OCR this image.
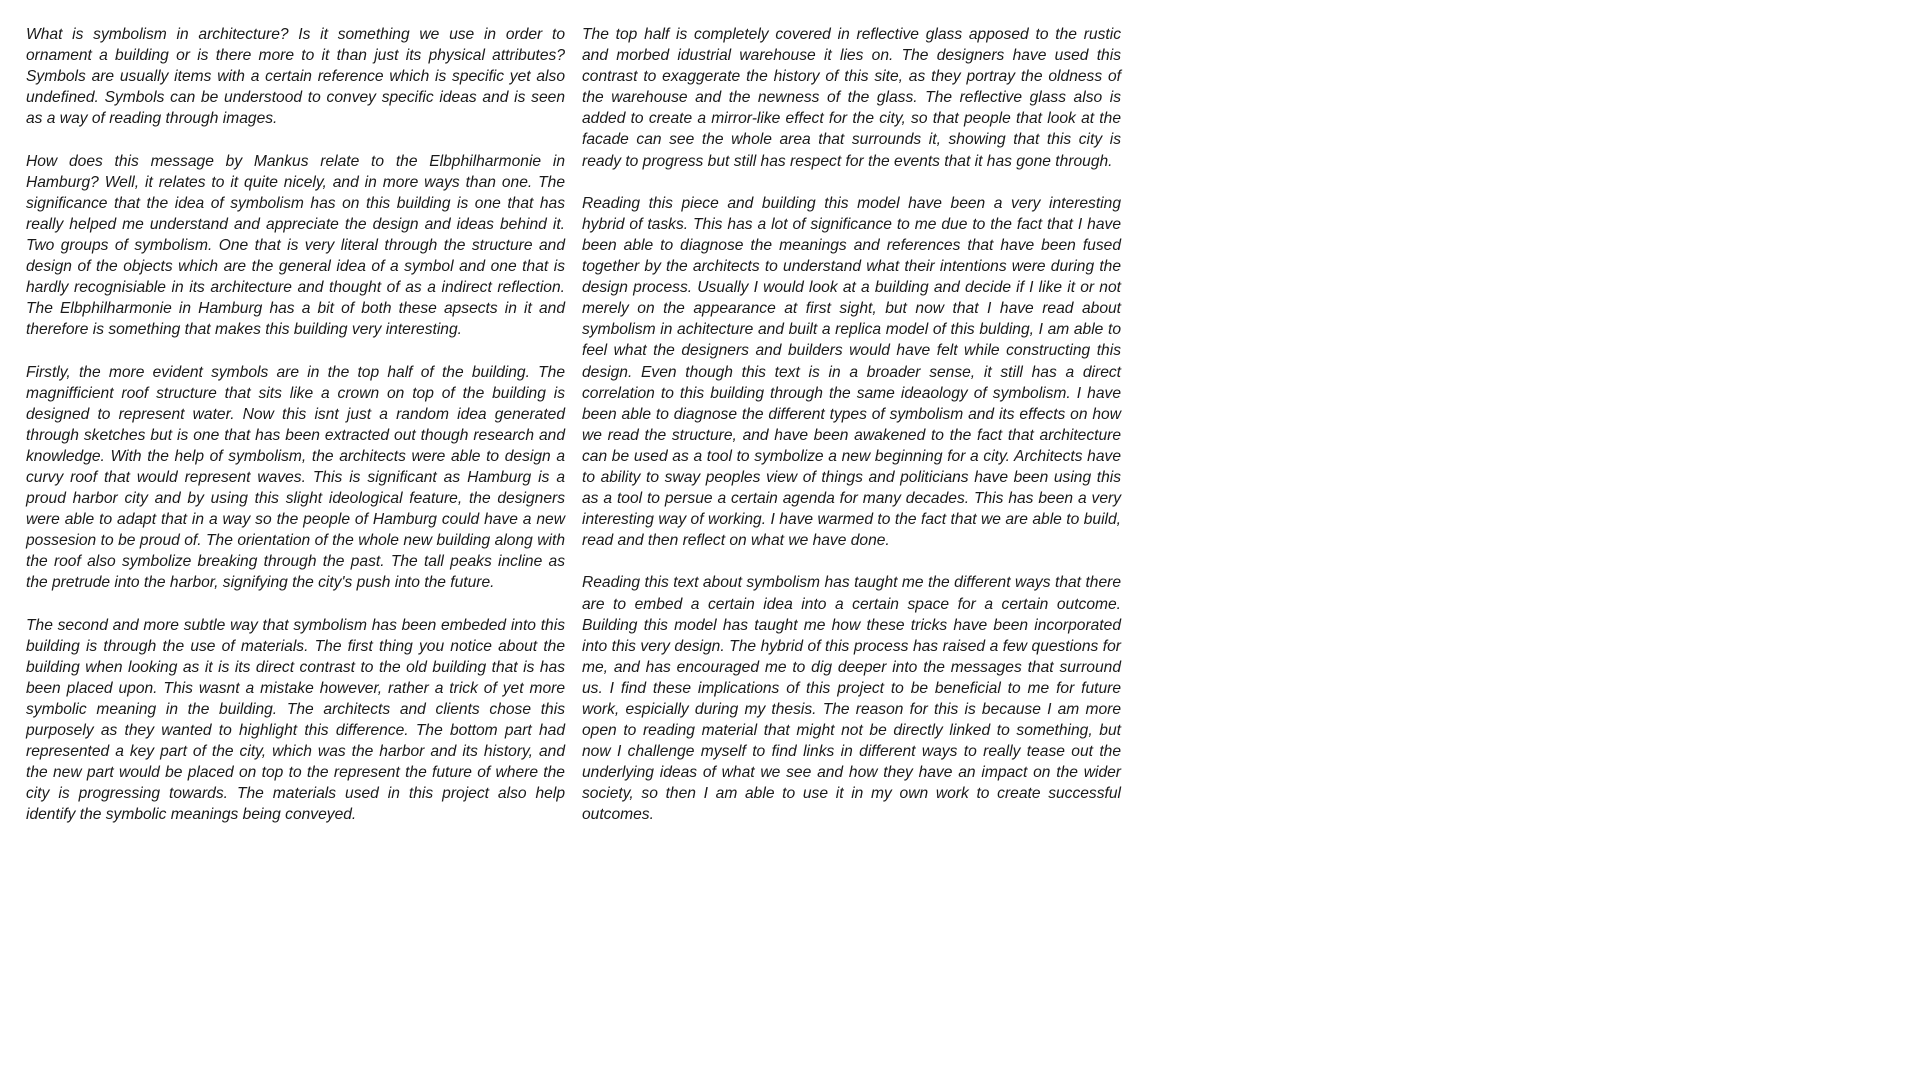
What is symbolism in architecture? Is it something we use in order to ornament a building or is there more to it than just its physical attributes? Symbols are usually items with a certain reference which is specific yet also undefined. Symbols can be understood to convey specific ideas and is seen as a way of reading through images.

How does this message by Mankus relate to the Elbphilharmonie in Hamburg? Well, it relates to it quite nicely, and in more ways than one. The significance that the idea of symbolism has on this building is one that has really helped me understand and appreciate the design and ideas behind it. Two groups of symbolism. One that is very literal through the structure and design of the objects which are the general idea of a symbol and one that is hardly recognisiable in its architecture and thought of as a indirect reflection. The Elbphilharmonie in Hamburg has a bit of both these apsects in it and therefore is something that makes this building very interesting.

Firstly, the more evident symbols are in the top half of the building. The magnifficient roof structure that sits like a crown on top of the building is designed to represent water. Now this isnt just a random idea generated through sketches but is one that has been extracted out though research and knowledge. With the help of symbolism, the architects were able to design a curvy roof that would represent waves. This is significant as Hamburg is a proud harbor city and by using this slight ideological feature, the designers were able to adapt that in a way so the people of Hamburg could have a new possesion to be proud of. The orientation of the whole new building along with the roof also symbolize breaking through the past. The tall peaks incline as the pretrude into the harbor, signifying the city's push into the future.

The second and more subtle way that symbolism has been embeded into this building is through the use of materials. The first thing you notice about the building when looking as it is its direct contrast to the old building that is has been placed upon. This wasnt a mistake however, rather a trick of yet more symbolic meaning in the building. The architects and clients chose this purposely as they wanted to highlight this difference. The bottom part had represented a key part of the city, which was the harbor and its history, and the new part would be placed on top to the represent the future of where the city is progressing towards. The materials used in this project also help identify the symbolic meanings being conveyed.

The top half is completely covered in reflective glass apposed to the rustic and morbed idustrial warehouse it lies on. The designers have used this contrast to exaggerate the history of this site, as they portray the oldness of the warehouse and the newness of the glass. The reflective glass also is added to create a mirror-like effect for the city, so that people that look at the facade can see the whole area that surrounds it, showing that this city is ready to progress but still has respect for the events that it has gone through.

Reading this piece and building this model have been a very interesting hybrid of tasks. This has a lot of significance to me due to the fact that I have been able to diagnose the meanings and references that have been fused together by the architects to understand what their intentions were during the design process. Usually I would look at a building and decide if I like it or not merely on the appearance at first sight, but now that I have read about symbolism in achitecture and built a replica model of this bulding, I am able to feel what the designers and builders would have felt while constructing this design. Even though this text is in a broader sense, it still has a direct correlation to this building through the same ideaology of symbolism. I have been able to diagnose the different types of symbolism and its effects on how we read the structure, and have been awakened to the fact that architecture can be used as a tool to symbolize a new beginning for a city. Architects have to ability to sway peoples view of things and politicians have been using this as a tool to persue a certain agenda for many decades. This has been a very interesting way of working. I have warmed to the fact that we are able to build, read and then reflect on what we have done.

Reading this text about symbolism has taught me the different ways that there are to embed a certain idea into a certain space for a certain outcome. Building this model has taught me how these tricks have been incorporated into this very design. The hybrid of this process has raised a few questions for me, and has encouraged me to dig deeper into the messages that surround us. I find these implications of this project to be beneficial to me for future work, espicially during my thesis. The reason for this is because I am more open to reading material that might not be directly linked to something, but now I challenge myself to find links in different ways to really tease out the underlying ideas of what we see and how they have an impact on the wider society, so then I am able to use it in my own work to create successful outcomes.
